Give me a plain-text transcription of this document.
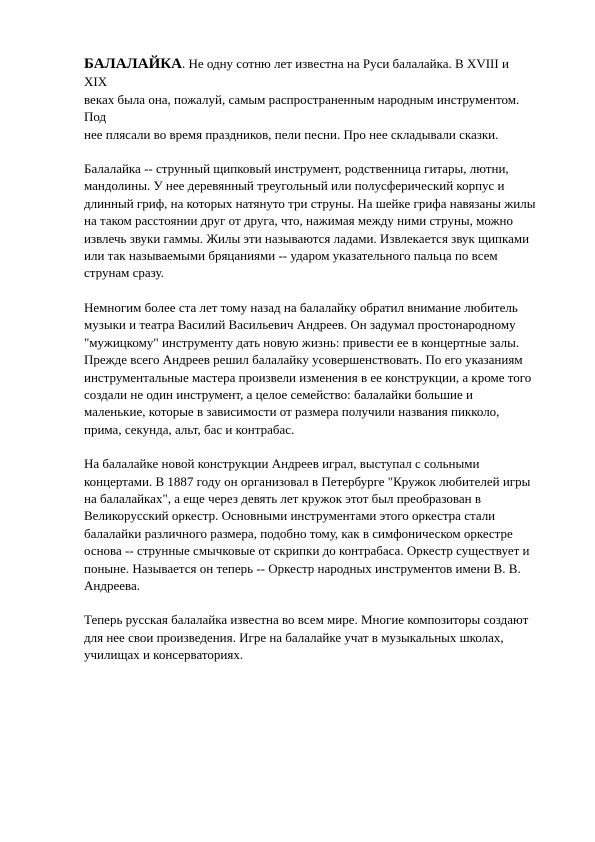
БАЛАЛАЙКА. Не одну сотню лет известна на Руси балалайка. В XVIII и
XIX
веках была она, пожалуй, самым распространенным народным инструментом.
Под
нее плясали во время праздников, пели песни. Про нее складывали сказки.

Балалайка -- струнный щипковый инструмент, родственница гитары, лютни,
мандолины. У нее деревянный треугольный или полусферический корпус и
длинный гриф, на которых натянуто три струны. На шейке грифа навязаны жилы
на таком расстоянии друг от друга, что, нажимая между ними струны, можно
извлечь звуки гаммы. Жилы эти называются ладами. Извлекается звук щипками
или так называемыми бряцаниями -- ударом указательного пальца по всем
струнам сразу.

Немногим более ста лет тому назад на балалайку обратил внимание любитель
музыки и театра Василий Васильевич Андреев. Он задумал простонародному
"мужицкому" инструменту дать новую жизнь: привести ее в концертные залы.
Прежде всего Андреев решил балалайку усовершенствовать. По его указаниям
инструментальные мастера произвели изменения в ее конструкции, а кроме того
создали не один инструмент, а целое семейство: балалайки большие и
маленькие, которые в зависимости от размера получили названия пикколо,
прима, секунда, альт, бас и контрабас.

На балалайке новой конструкции Андреев играл, выступал с сольными
концертами. В 1887 году он организовал в Петербурге "Кружок любителей игры
на балалайках", а еще через девять лет кружок этот был преобразован в
Великорусский оркестр. Основными инструментами этого оркестра стали
балалайки различного размера, подобно тому, как в симфоническом оркестре
основа -- струнные смычковые от скрипки до контрабаса. Оркестр существует и
поныне. Называется он теперь -- Оркестр народных инструментов имени В. В.
Андреева.

Теперь русская балалайка известна во всем мире. Многие композиторы создают
для нее свои произведения. Игре на балалайке учат в музыкальных школах,
училищах и консерваториях.
